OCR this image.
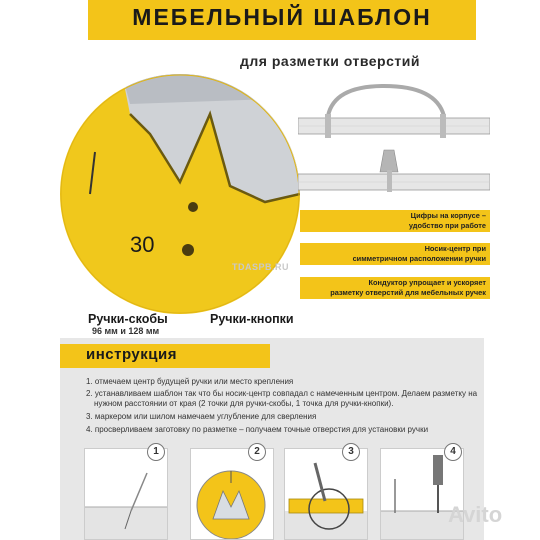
МЕБЕЛЬНЫЙ ШАБЛОН
для разметки отверстий
30
Цифры на корпусе –
удобство при работе
Носик-центр при
симметричном расположении ручки
Кондуктор упрощает и ускоряет
разметку отверстий для мебельных ручек
TDASPB.RU
Ручки-скобы
96 мм и 128 мм
Ручки-кнопки
инструкция
1. отмечаем центр будущей ручки или место крепления
2. устанавливаем шаблон так что бы носик-центр совпадал с намеченным центром. Делаем разметку на
нужном расстоянии от края (2 точки для ручки-скобы, 1 точка для ручки-кнопки).
3. маркером или шилом намечаем углубление для сверления
4. просверливаем заготовку по разметке – получаем точные отверстия для установки ручки
1	2	3	4
Avito
